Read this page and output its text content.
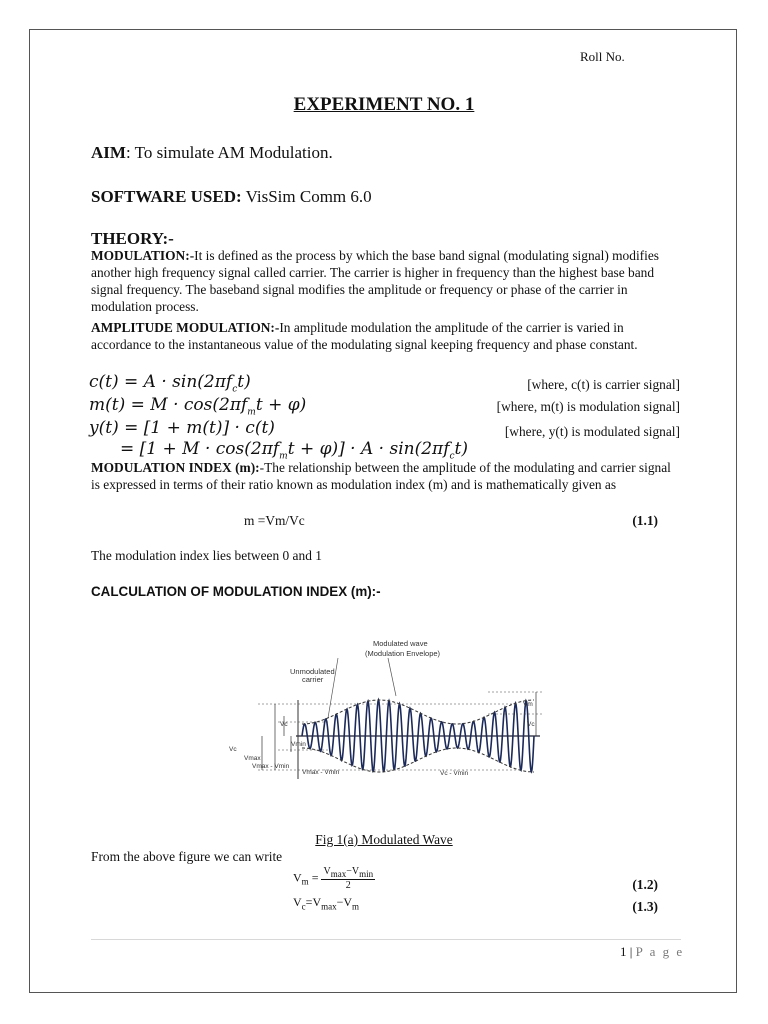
Roll No.
EXPERIMENT NO. 1
AIM: To simulate AM Modulation.
SOFTWARE USED: VisSim Comm 6.0
THEORY:-
MODULATION:-It is defined as the process by which the base band signal (modulating signal) modifies another high frequency signal called carrier. The carrier is higher in frequency than the highest base band signal frequency. The baseband signal modifies the amplitude or frequency or phase of the carrier in modulation process.
AMPLITUDE MODULATION:-In amplitude modulation the amplitude of the carrier is varied in accordance to the instantaneous value of the modulating signal keeping frequency and phase constant.
$c(t) = A \cdot \sin(2\pi f_ct)$	[where, c(t) is carrier signal]
$m(t) = M \cdot \cos(2\pi f_mt + \varphi)$	[where, m(t) is modulation signal]
y(t) = [1 + m(t)] · c(t)	[where, y(t) is modulated signal]
= $[1 + M \cdot \cos(2\pi f_mt + \varphi)] \cdot A \cdot \sin(2\pi f_ct)$
MODULATION INDEX (m):-The relationship between the amplitude of the modulating and carrier signal is expressed in terms of their ratio known as modulation index (m) and is mathematically given as
m =Vm/Vc	(1.1)
The modulation index lies between 0 and 1
CALCULATION OF MODULATION INDEX (m):-
Modulated wave
(Modulation Envelope)
Unmodulated
carrier
Vc
Vmax
Vc
Vmin
Vmax - Vmin
Vmax - Vmin	Vc - Vmin
Vm
Vc
Fig 1(a) Modulated Wave
From the above figure we can write
$V_m = \frac{V_{max}-V_{min}}{2}$	(1.2)
$V_c=V_{max}-V_m$	(1.3)
1 | P a g e
